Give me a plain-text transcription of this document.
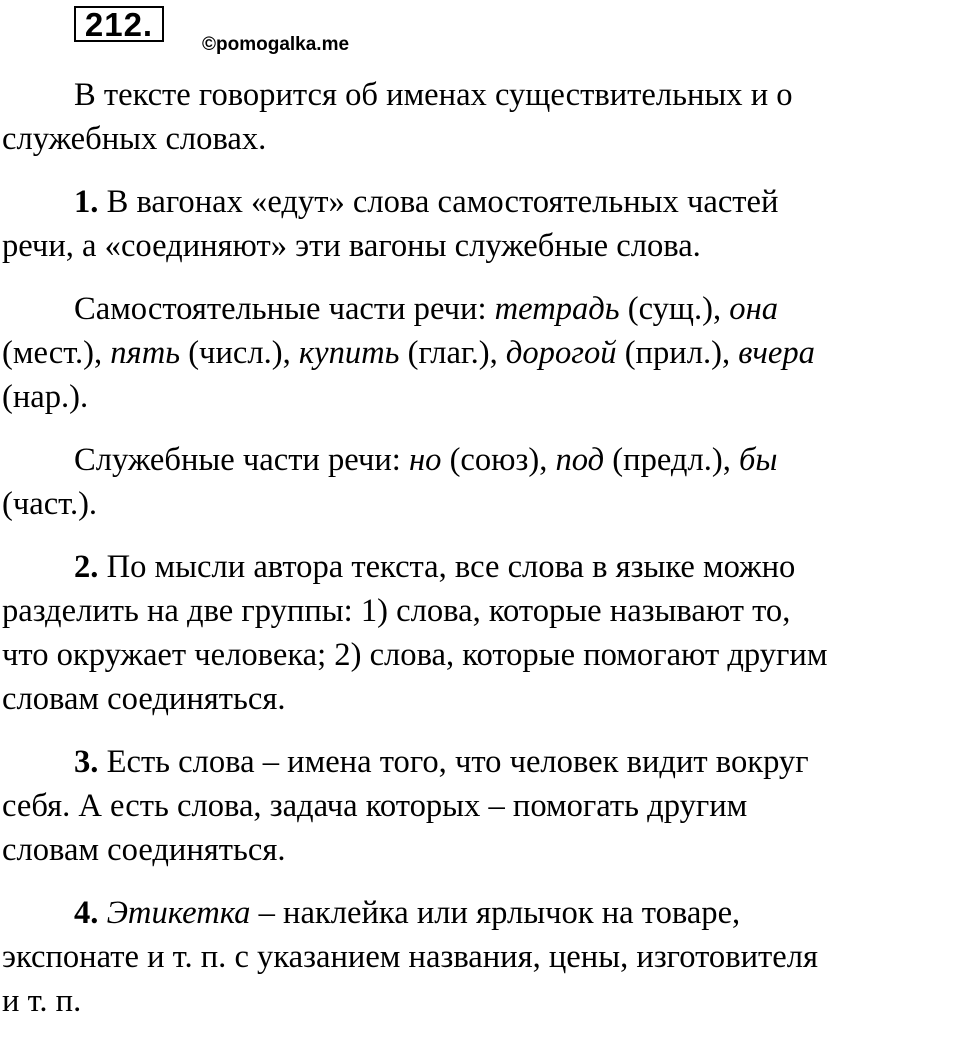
212.
©pomogalka.me

В тексте говорится об именах существительных и о
служебных словах.

1. В вагонах «едут» слова самостоятельных частей
речи, а «соединяют» эти вагоны служебные слова.

Самостоятельные части речи: тетрадь (сущ.), она
(мест.), пять (числ.), купить (глаг.), дорогой (прил.), вчера
(нар.).

Служебные части речи: но (союз), под (предл.), бы
(част.).

2. По мысли автора текста, все слова в языке можно
разделить на две группы: 1) слова, которые называют то,
что окружает человека; 2) слова, которые помогают другим
словам соединяться.

3. Есть слова – имена того, что человек видит вокруг
себя. А есть слова, задача которых – помогать другим
словам соединяться.

4. Этикетка – наклейка или ярлычок на товаре,
экспонате и т. п. с указанием названия, цены, изготовителя
и т. п.
